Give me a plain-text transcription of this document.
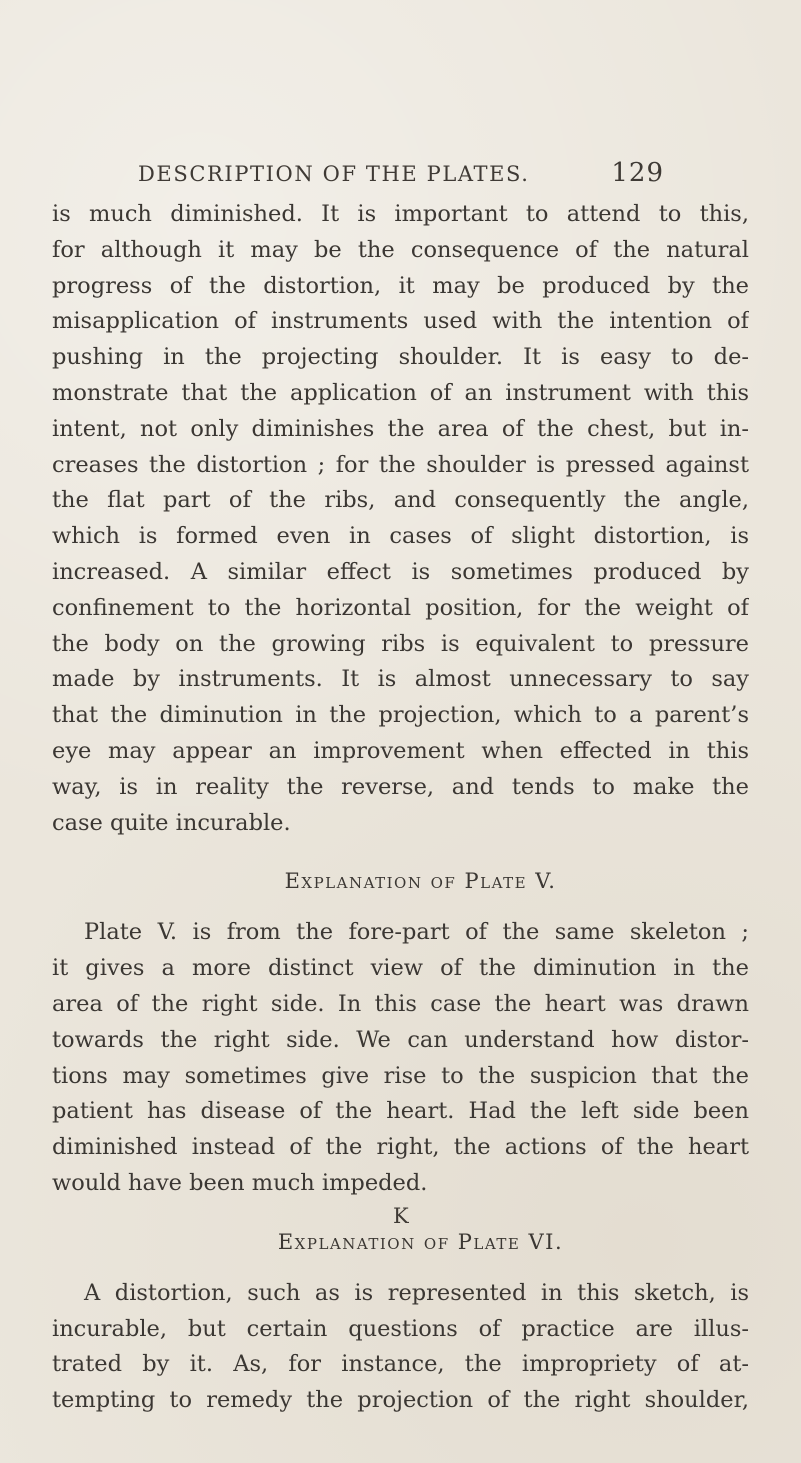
DESCRIPTION OF THE PLATES.	129
is much diminished. It is important to attend to this,
for although it may be the consequence of the natural
progress of the distortion, it may be produced by the
misapplication of instruments used with the intention of
pushing in the projecting shoulder. It is easy to de-
monstrate that the application of an instrument with this
intent, not only diminishes the area of the chest, but in-
creases the distortion ; for the shoulder is pressed against
the flat part of the ribs, and consequently the angle,
which is formed even in cases of slight distortion, is
increased. A similar effect is sometimes produced by
confinement to the horizontal position, for the weight of
the body on the growing ribs is equivalent to pressure
made by instruments. It is almost unnecessary to say
that the diminution in the projection, which to a parent’s
eye may appear an improvement when effected in this
way, is in reality the reverse, and tends to make the
case quite incurable.
Explanation of Plate V.
Plate V. is from the fore-part of the same skeleton ;
it gives a more distinct view of the diminution in the
area of the right side. In this case the heart was drawn
towards the right side. We can understand how distor-
tions may sometimes give rise to the suspicion that the
patient has disease of the heart. Had the left side been
diminished instead of the right, the actions of the heart
would have been much impeded.
Explanation of Plate VI.
A distortion, such as is represented in this sketch, is
incurable, but certain questions of practice are illus-
trated by it. As, for instance, the impropriety of at-
tempting to remedy the projection of the right shoulder,
K
